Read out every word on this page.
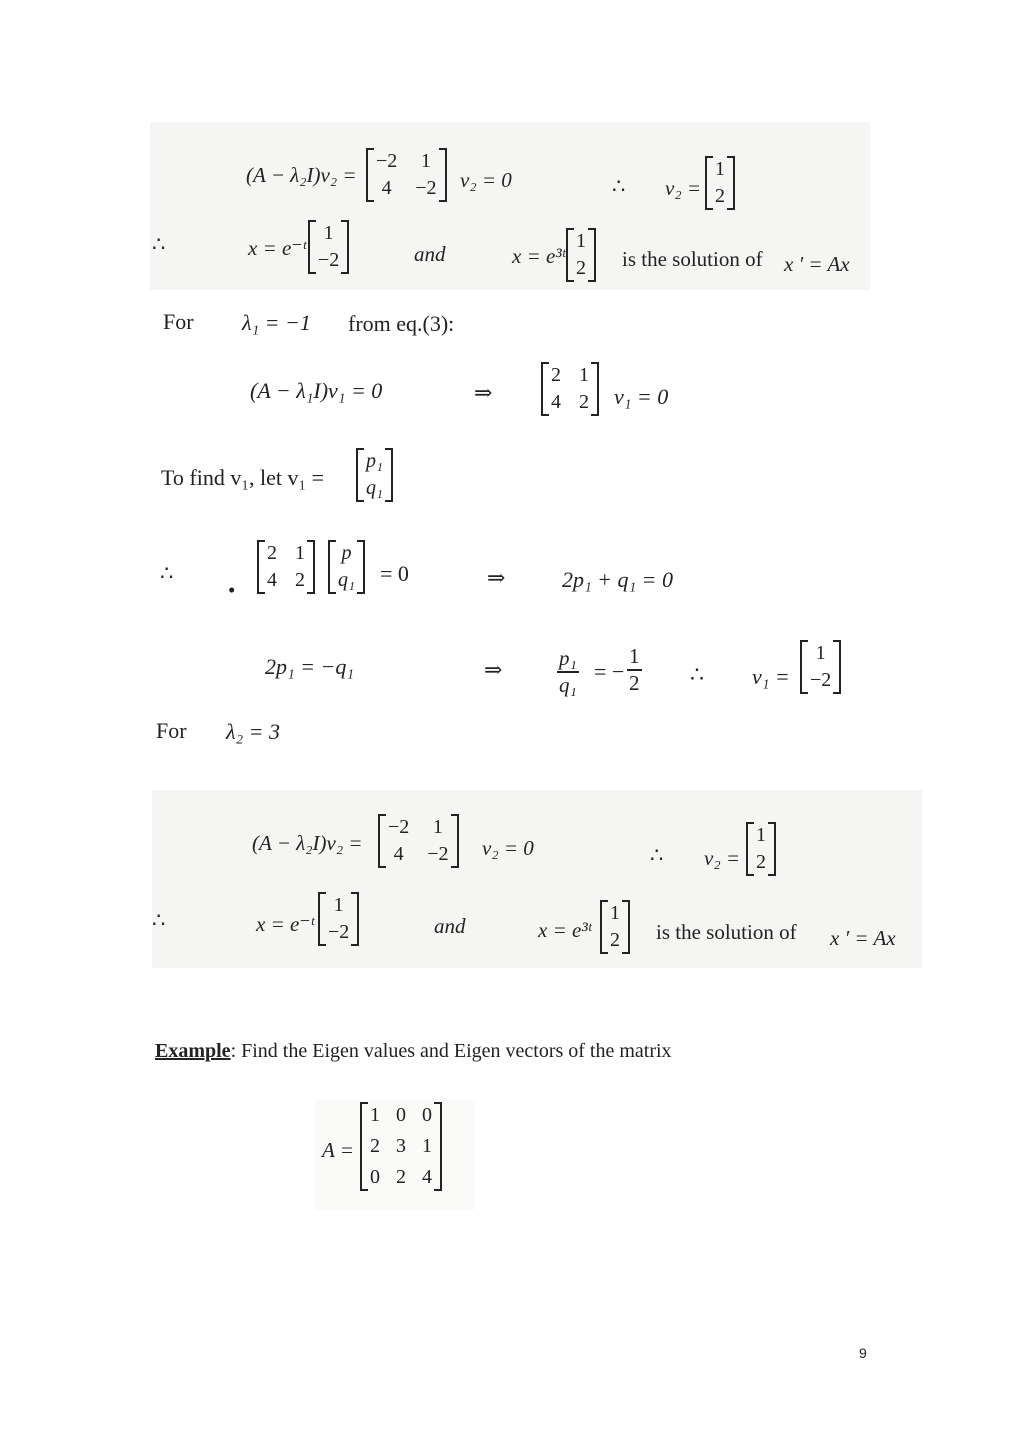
(A − λ₂I)v₂ =
−2 1
4 −2 v₂ = 0	∴ v₂ =
1
2
∴	x = e⁻ᵗ
1
−2	and	x = e³ᵗ
1
2 is the solution of x ′ = Ax
For λ₁ = −1 from eq.(3):
(A − λ₁I)v₁ = 0	⇒
2 1
4 2 v₁ = 0
To find v₁, let v₁ =
p₁
q₁
∴
•
2 1
4 2
p
q₁ = 0	⇒	2p₁ + q₁ = 0
2p₁ = −q₁	⇒	$\frac{\text{p₁}}{\text{q₁}}$ = − $\frac{1}{2}$ ∴ v₁ =
1
−2
For λ₂ = 3
(A − λ₂I)v₂ =
−2 1
4 −2 v₂ = 0	∴ v₂ =
1
2
∴	x = e⁻ᵗ
1
−2	and	x = e³ᵗ
1
2 is the solution of x ′ = Ax
Example: Find the Eigen values and Eigen vectors of the matrix
A =
1 0 0
2 3 1
0 2 4
9
